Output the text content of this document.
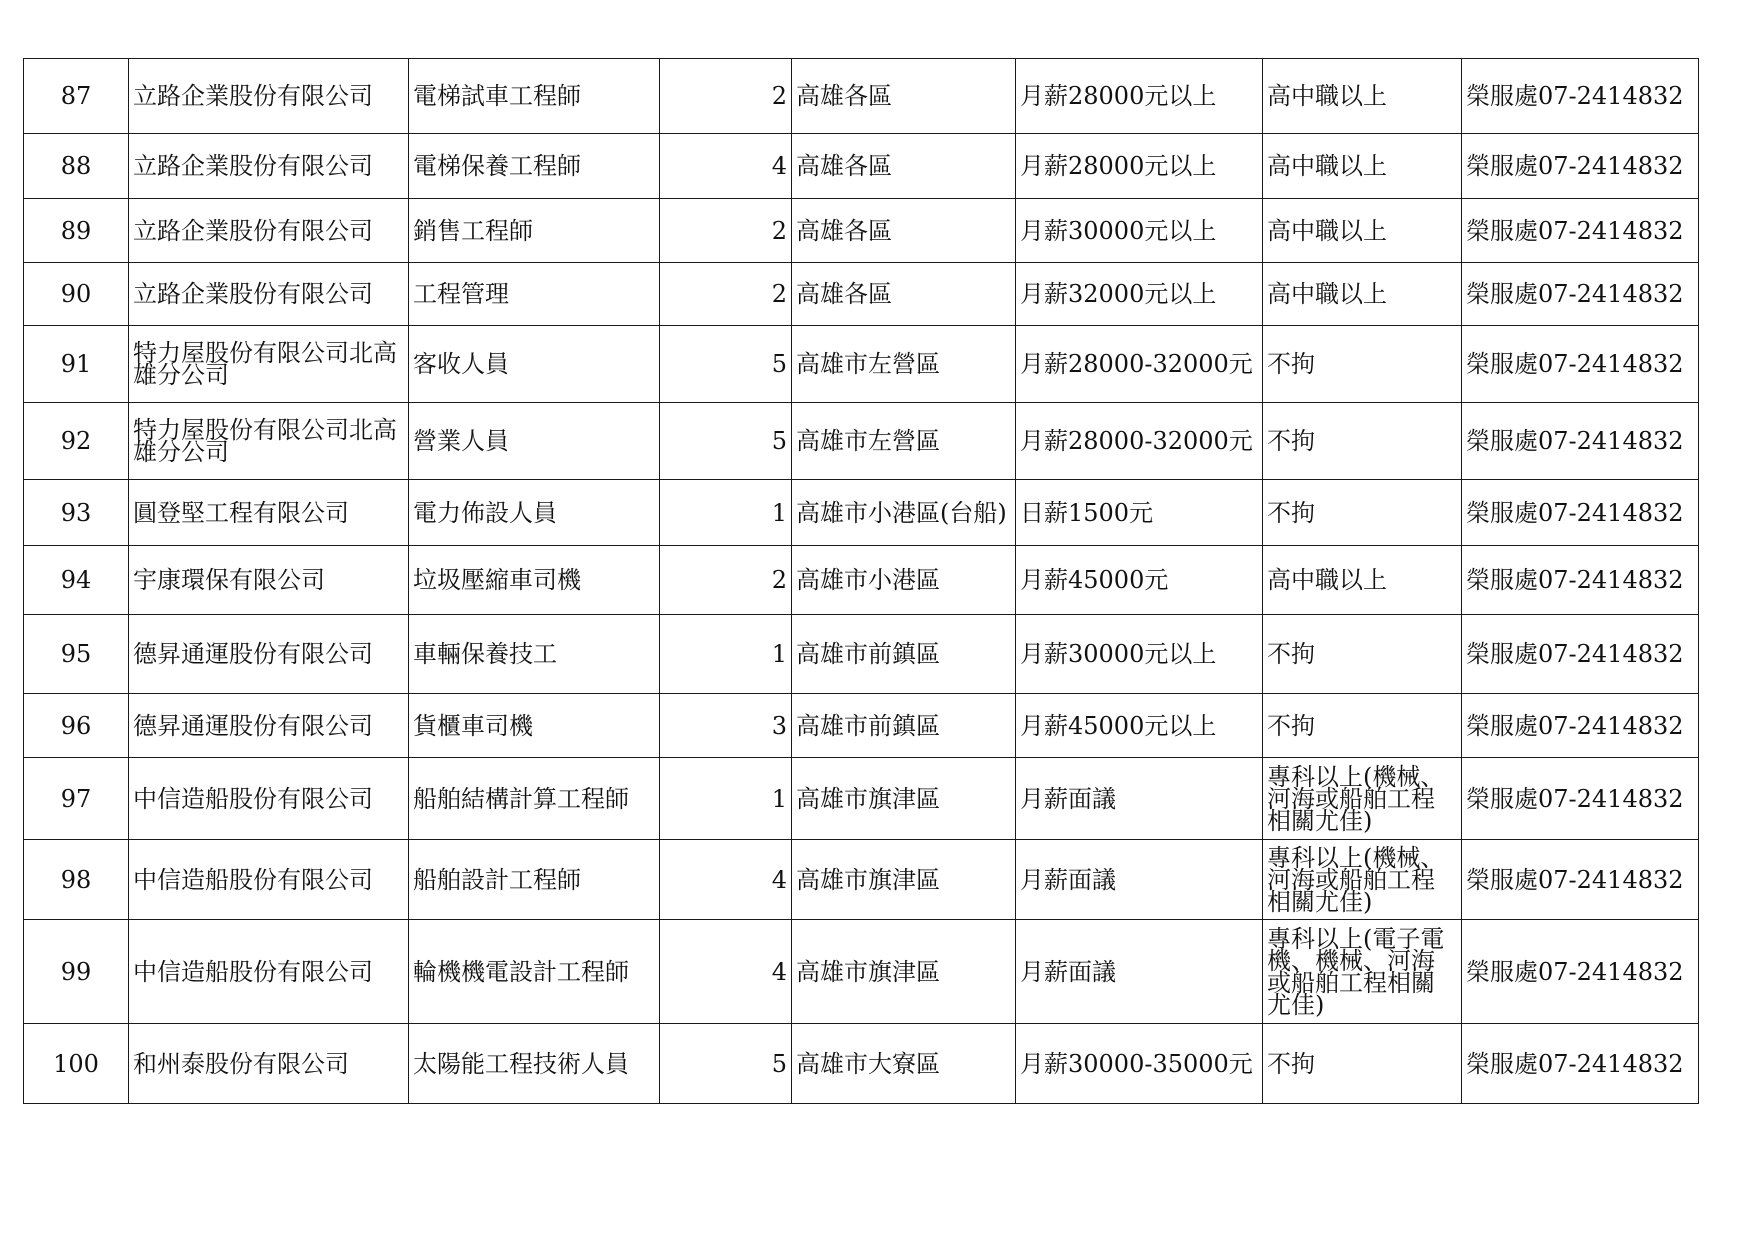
87	立路企業股份有限公司	電梯試車工程師	2	高雄各區	月薪28000元以上	高中職以上	榮服處07-2414832
88	立路企業股份有限公司	電梯保養工程師	4	高雄各區	月薪28000元以上	高中職以上	榮服處07-2414832
89	立路企業股份有限公司	銷售工程師	2	高雄各區	月薪30000元以上	高中職以上	榮服處07-2414832
90	立路企業股份有限公司	工程管理	2	高雄各區	月薪32000元以上	高中職以上	榮服處07-2414832
91	特力屋股份有限公司北高雄分公司	客收人員	5	高雄市左營區	月薪28000-32000元	不拘	榮服處07-2414832
92	特力屋股份有限公司北高雄分公司	營業人員	5	高雄市左營區	月薪28000-32000元	不拘	榮服處07-2414832
93	圓登堅工程有限公司	電力佈設人員	1	高雄市小港區(台船)	日薪1500元	不拘	榮服處07-2414832
94	宇康環保有限公司	垃圾壓縮車司機	2	高雄市小港區	月薪45000元	高中職以上	榮服處07-2414832
95	德昇通運股份有限公司	車輛保養技工	1	高雄市前鎮區	月薪30000元以上	不拘	榮服處07-2414832
96	德昇通運股份有限公司	貨櫃車司機	3	高雄市前鎮區	月薪45000元以上	不拘	榮服處07-2414832
97	中信造船股份有限公司	船舶結構計算工程師	1	高雄市旗津區	月薪面議	專科以上(機械、河海或船舶工程相關尤佳)	榮服處07-2414832
98	中信造船股份有限公司	船舶設計工程師	4	高雄市旗津區	月薪面議	專科以上(機械、河海或船舶工程相關尤佳)	榮服處07-2414832
99	中信造船股份有限公司	輪機機電設計工程師	4	高雄市旗津區	月薪面議	專科以上(電子電機、機械、河海或船舶工程相關尤佳)	榮服處07-2414832
100	和州泰股份有限公司	太陽能工程技術人員	5	高雄市大寮區	月薪30000-35000元	不拘	榮服處07-2414832
